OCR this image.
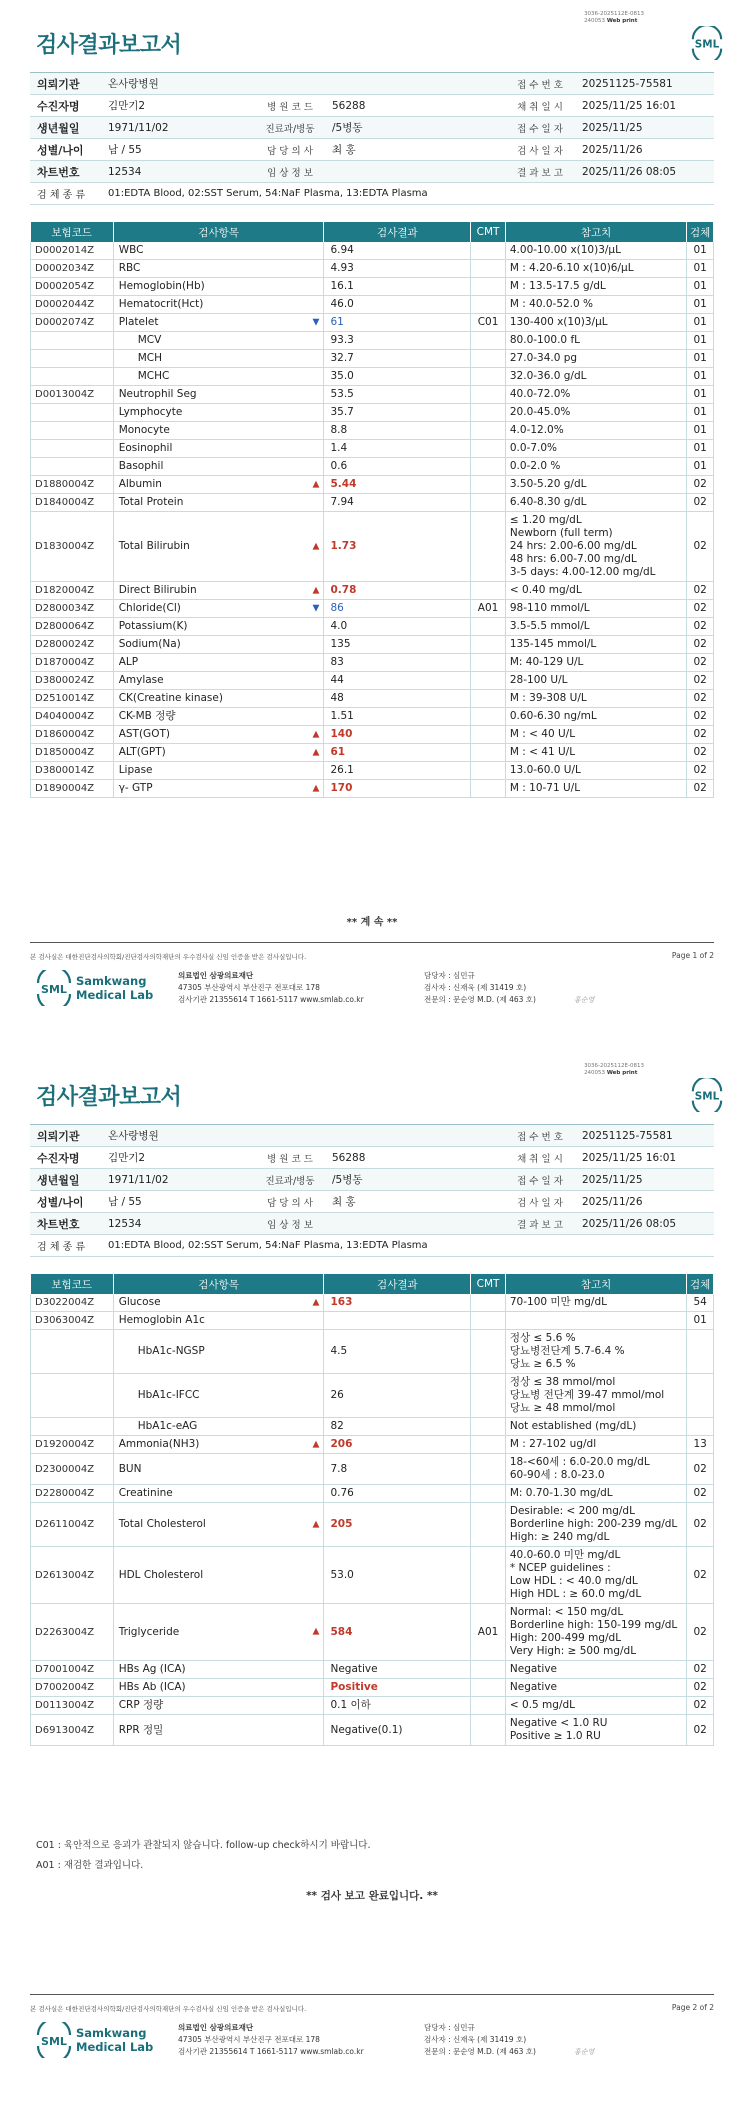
3036-2025112E-0813
240053 Web print
검사결과보고서	SML
의뢰기관	온사랑병원	접 수 번 호	20251125-75581
수진자명	김만기2	병 원 코 드	56288	채 취 일 시	2025/11/25 16:01
생년월일	1971/11/02	진료과/병동	/5병동	접 수 일 자	2025/11/25
성별/나이	남 / 55	담 당 의 사	최 홍	검 사 일 자	2025/11/26
차트번호	12534	임 상 정 보	결 과 보 고	2025/11/26 08:05
검 체 종 류	01:EDTA Blood, 02:SST Serum, 54:NaF Plasma, 13:EDTA Plasma
보험코드	검사항목	검사결과	CMT	참고치	검체
D0002014Z	WBC	6.94		4.00-10.00 x(10)3/μL	01
D0002034Z	RBC	4.93		M : 4.20-6.10 x(10)6/μL	01
D0002054Z	Hemoglobin(Hb)	16.1		M : 13.5-17.5 g/dL	01
D0002044Z	Hematocrit(Hct)	46.0		M : 40.0-52.0 %	01
D0002074Z	Platelet ▼	61	C01	130-400 x(10)3/μL	01
	MCV	93.3		80.0-100.0 fL	01
	MCH	32.7		27.0-34.0 pg	01
	MCHC	35.0		32.0-36.0 g/dL	01
D0013004Z	Neutrophil Seg	53.5		40.0-72.0%	01
	Lymphocyte	35.7		20.0-45.0%	01
	Monocyte	8.8		4.0-12.0%	01
	Eosinophil	1.4		0.0-7.0%	01
	Basophil	0.6		0.0-2.0 %	01
D1880004Z	Albumin ▲	5.44		3.50-5.20 g/dL	02
D1840004Z	Total Protein	7.94		6.40-8.30 g/dL	02
D1830004Z	Total Bilirubin ▲	1.73		≤ 1.20 mg/dL
Newborn (full term)
24 hrs: 2.00-6.00 mg/dL
48 hrs: 6.00-7.00 mg/dL
3-5 days: 4.00-12.00 mg/dL	02
D1820004Z	Direct Bilirubin ▲	0.78		< 0.40 mg/dL	02
D2800034Z	Chloride(Cl) ▼	86	A01	98-110 mmol/L	02
D2800064Z	Potassium(K)	4.0		3.5-5.5 mmol/L	02
D2800024Z	Sodium(Na)	135		135-145 mmol/L	02
D1870004Z	ALP	83		M: 40-129 U/L	02
D3800024Z	Amylase	44		28-100 U/L	02
D2510014Z	CK(Creatine kinase)	48		M : 39-308 U/L	02
D4040004Z	CK-MB 정량	1.51		0.60-6.30 ng/mL	02
D1860004Z	AST(GOT) ▲	140		M : < 40 U/L	02
D1850004Z	ALT(GPT) ▲	61		M : < 41 U/L	02
D3800014Z	Lipase	26.1		13.0-60.0 U/L	02
D1890004Z	γ- GTP ▲	170		M : 10-71 U/L	02
** 계 속 **
본 검사실은 대한진단검사의학회/진단검사의학재단의 우수검사실 신임 인증을 받은 검사실입니다.	Page 1 of 2
SML
Samkwang
Medical Lab
의료법인 삼광의료재단
47305 부산광역시 부산진구 전포대로 178
검사기관 21355614 T 1661-5117 www.smlab.co.kr
담당자 : 심민규
검사자 : 신재욱 (제 31419 호)
전문의 : 문순영 M.D. (제 463 호)	홍순영
3036-2025112E-0813
240053 Web print
검사결과보고서	SML
의뢰기관	온사랑병원	접 수 번 호	20251125-75581
수진자명	김만기2	병 원 코 드	56288	채 취 일 시	2025/11/25 16:01
생년월일	1971/11/02	진료과/병동	/5병동	접 수 일 자	2025/11/25
성별/나이	남 / 55	담 당 의 사	최 홍	검 사 일 자	2025/11/26
차트번호	12534	임 상 정 보	결 과 보 고	2025/11/26 08:05
검 체 종 류	01:EDTA Blood, 02:SST Serum, 54:NaF Plasma, 13:EDTA Plasma
보험코드	검사항목	검사결과	CMT	참고치	검체
D3022004Z	Glucose ▲	163		70-100 미만 mg/dL	54
D3063004Z	Hemoglobin A1c				01
	HbA1c-NGSP	4.5		정상 ≤ 5.6 %
당뇨병전단계 5.7-6.4 %
당뇨 ≥ 6.5 %	
	HbA1c-IFCC	26		정상 ≤ 38 mmol/mol
당뇨병 전단계 39-47 mmol/mol
당뇨 ≥ 48 mmol/mol	
	HbA1c-eAG	82		Not established (mg/dL)	
D1920004Z	Ammonia(NH3) ▲	206		M : 27-102 ug/dl	13
D2300004Z	BUN	7.8		18-<60세 : 6.0-20.0 mg/dL
60-90세 : 8.0-23.0	02
D2280004Z	Creatinine	0.76		M: 0.70-1.30 mg/dL	02
D2611004Z	Total Cholesterol ▲	205		Desirable: < 200 mg/dL
Borderline high: 200-239 mg/dL
High: ≥ 240 mg/dL	02
D2613004Z	HDL Cholesterol	53.0		40.0-60.0 미만 mg/dL
* NCEP guidelines :
Low HDL : < 40.0 mg/dL
High HDL : ≥ 60.0 mg/dL	02
D2263004Z	Triglyceride ▲	584	A01	Normal: < 150 mg/dL
Borderline high: 150-199 mg/dL
High: 200-499 mg/dL
Very High: ≥ 500 mg/dL	02
D7001004Z	HBs Ag (ICA)	Negative		Negative	02
D7002004Z	HBs Ab (ICA)	Positive		Negative	02
D0113004Z	CRP 정량	0.1 이하		< 0.5 mg/dL	02
D6913004Z	RPR 정밀	Negative(0.1)		Negative < 1.0 RU
Positive ≥ 1.0 RU	02
C01 : 육안적으로 응괴가 관찰되지 않습니다. follow-up check하시기 바랍니다.
A01 : 재검한 결과입니다.
** 검사 보고 완료입니다. **
본 검사실은 대한진단검사의학회/진단검사의학재단의 우수검사실 신임 인증을 받은 검사실입니다.	Page 2 of 2
SML
Samkwang
Medical Lab
의료법인 삼광의료재단
47305 부산광역시 부산진구 전포대로 178
검사기관 21355614 T 1661-5117 www.smlab.co.kr
담당자 : 심민규
검사자 : 신재욱 (제 31419 호)
전문의 : 문순영 M.D. (제 463 호)	홍순영
